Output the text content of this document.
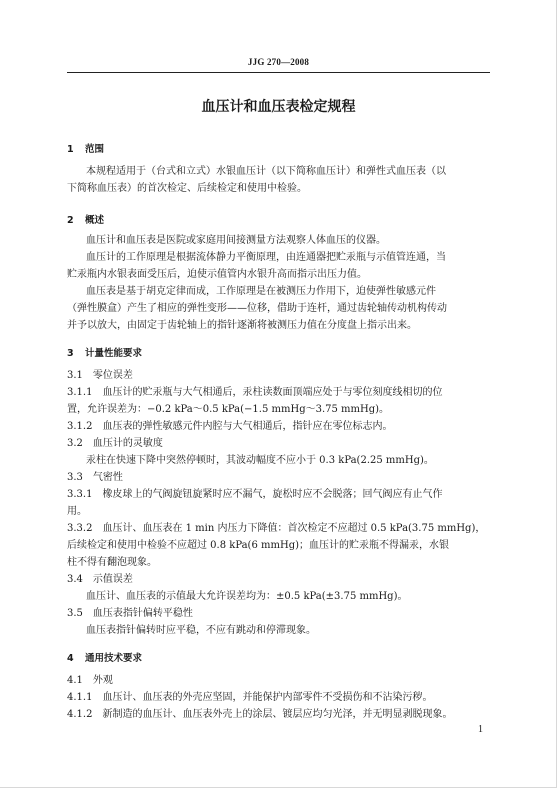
JJG 270—2008
血压计和血压表检定规程
1 范围
本规程适用于（台式和立式）水银血压计（以下简称血压计）和弹性式血压表（以
下简称血压表）的首次检定、后续检定和使用中检验。
2 概述
血压计和血压表是医院或家庭用间接测量方法观察人体血压的仪器。
血压计的工作原理是根据流体静力平衡原理，由连通器把贮汞瓶与示值管连通，当
贮汞瓶内水银表面受压后，迫使示值管内水银升高而指示出压力值。
血压表是基于胡克定律而成，工作原理是在被测压力作用下，迫使弹性敏感元件
（弹性膜盒）产生了相应的弹性变形——位移，借助于连杆，通过齿轮轴传动机构传动
并予以放大，由固定于齿轮轴上的指针逐渐将被测压力值在分度盘上指示出来。
3 计量性能要求
3.1　零位误差
3.1.1　血压计的贮汞瓶与大气相通后，汞柱读数面顶端应处于与零位刻度线相切的位
置，允许误差为：−0.2 kPa～0.5 kPa(−1.5 mmHg～3.75 mmHg)。
3.1.2　血压表的弹性敏感元件内腔与大气相通后，指针应在零位标志内。
3.2　血压计的灵敏度
汞柱在快速下降中突然停顿时，其波动幅度不应小于 0.3 kPa(2.25 mmHg)。
3.3　气密性
3.3.1　橡皮球上的气阀旋钮旋紧时应不漏气，旋松时应不会脱落；回气阀应有止气作
用。
3.3.2　血压计、血压表在 1 min 内压力下降值：首次检定不应超过 0.5 kPa(3.75 mmHg)，
后续检定和使用中检验不应超过 0.8 kPa(6 mmHg)；血压计的贮汞瓶不得漏汞，水银
柱不得有翻泡现象。
3.4　示值误差
血压计、血压表的示值最大允许误差均为：±0.5 kPa(±3.75 mmHg)。
3.5　血压表指针偏转平稳性
血压表指针偏转时应平稳，不应有跳动和停滞现象。
4 通用技术要求
4.1　外观
4.1.1　血压计、血压表的外壳应坚固，并能保护内部零件不受损伤和不沾染污秽。
4.1.2　新制造的血压计、血压表外壳上的涂层、镀层应均匀光泽，并无明显剥脱现象。
1
